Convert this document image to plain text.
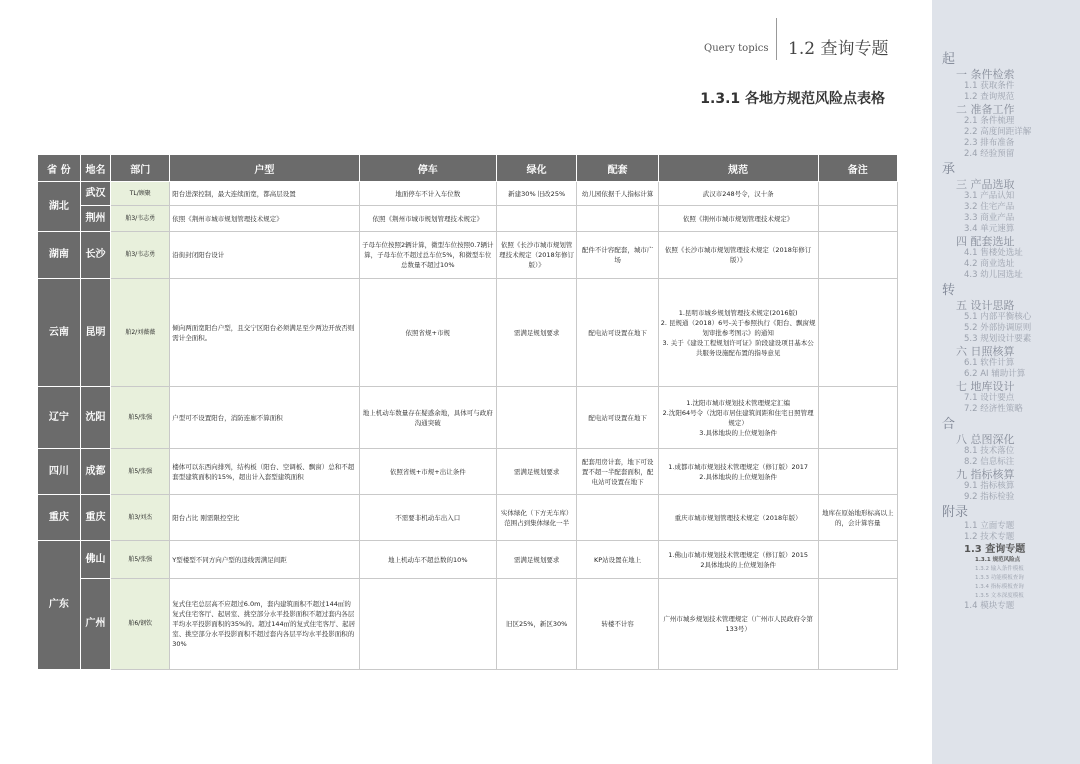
Query topics 1.2 查询专题
1.3.1 各地方规范风险点表格
省 份	地名	部门	户型	停车	绿化	配套	规范	备注
湖北	武汉	TL/顾聚	阳台进深控制，最大连续面宽，都高层设置	地面停车不计入车位数	新建30% 旧改25%	幼儿园依据千人指标计算	武汉市248号令，汉十条	
	荆州	舶3/韦志勇	依照《荆州市城市规划管理技术规定》	依照《荆州市城市规划管理技术规定》			依照《荆州市城市规划管理技术规定》	
湖南	长沙	舶3/韦志勇	沿街封闭阳台设计	子母车位按照2辆计算，微型车位按照0.7辆计算，子母车位不超过总车位5%，和微型车位总数量不超过10%	依照《长沙市城市规划管理技术规定（2018年修订版）》	配件不计容配套，城市广场	依照《长沙市城市规划管理技术规定（2018年修订版）》	
云南	昆明	舶2/刘薇薇	倾向两面宽阳台户型，且交宁区阳台必须满足至少两边开放否则需计全面积。	依照省规+市规	需满足规划要求	配电站可设置在地下	1.昆明市城乡规划管理技术规定(2016版)
2. 昆规通（2018）6号-关于参照执行《阳台、飘窗规划审批参考图示》的通知
3. 关于《建设工程规划许可证》阶段建设项目基本公共服务设施配布置的指导意见	
辽宁	沈阳	舶5/张强	户型可不设置阳台，消防连廊不算面积	地上机动车数量存在疑惑余地，具体可与政府沟通突破		配电站可设置在地下	1.沈阳市城市规划技术管理规定汇编
2.沈阳64号令（沈阳市居住建筑间距和住宅日照管理规定）
3.具体地块的上位规划条件	
四川	成都	舶5/张强	楼体可以东西向排列，结构板（阳台、空调板、飘窗）总和不超套型建筑面积的15%，超出计入套型建筑面积	依照省规+市规+出让条件	需满足规划要求	配套用房计套，地下可设置不超一半配套面积，配电站可设置在地下	1.成都市城市规划技术管理规定（修订版）2017
2.具体地块的上位规划条件	
重庆	重庆	舶3/刘杰	阳台占比 刚需限控空比	不需要非机动车出入口	实体绿化（下方无车库）范围占到集体绿化一半		重庆市城市规划管理技术规定（2018年版）	地库在原始地形标高以上的，会计算容量
广东	佛山	舶5/张强	Y型楼型不同方向户型的违线需满足间距	地上机动车不超总数的10%	需满足规划要求	KP站设置在地上	1.佛山市城市规划技术管理规定（修订版）2015
2具体地块的上位规划条件	
	广州	舶6/钢钦	复式住宅总层高不应超过6.0m，套内建筑面积不超过144㎡的复式住宅客厅、起居室、挑空部分水平投影面积不超过套内各层平均水平投影面积的35%的。超过144㎡的复式住宅客厅、起居室、挑空部分水平投影面积不超过套内各层平均水平投影面积的30%		旧区25%，新区30%	转楼不计容	广州市城乡规划技术管理规定（广州市人民政府令第133号）	
起
一 条件检索
1.1 获取条件
1.2 查询规范
二 准备工作
2.1 条件梳理
2.2 高度间距详解
2.3 排布准备
2.4 经验预留
承
三 产品选取
3.1 产品认知
3.2 住宅产品
3.3 商业产品
3.4 单元速算
四 配套选址
4.1 售楼处选址
4.2 商业选址
4.3 幼儿园选址
转
五 设计思路
5.1 内部平衡核心
5.2 外部协调原则
5.3 规划设计要素
六 日照核算
6.1 软件计算
6.2 AI 辅助计算
七 地库设计
7.1 设计要点
7.2 经济性策略
合
八 总图深化
8.1 技术落位
8.2 信息标注
九 指标核算
9.1 指标核算
9.2 指标检验
附录
1.1 立面专题
1.2 技术专题
1.3 查询专题
1.3.1 规范风险点
1.3.2 输入条件模板
1.3.3 功能模板查询
1.3.4 指标模板查询
1.3.5 文本深度模板
1.4 模块专题
